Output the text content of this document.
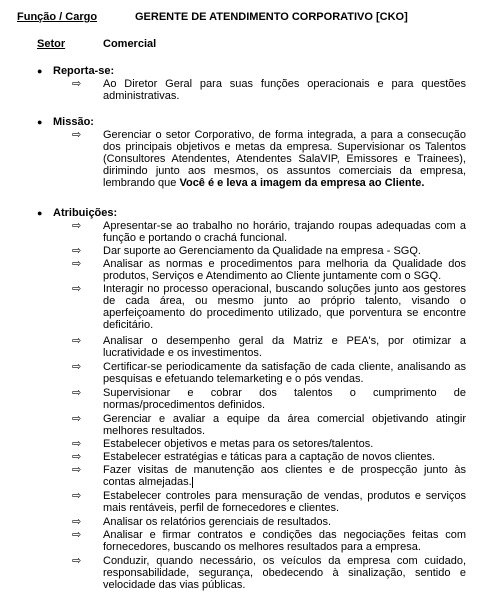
Função / Cargo	GERENTE DE ATENDIMENTO CORPORATIVO [CKO]
Setor	Comercial
● Reporta-se:
⇨ Ao Diretor Geral para suas funções operacionais e para questões administrativas.

● Missão:
⇨ Gerenciar o setor Corporativo, de forma integrada, a para a consecução dos principais objetivos e metas da empresa. Supervisionar os Talentos (Consultores Atendentes, Atendentes SalaVIP, Emissores e Trainees), dirimindo junto aos mesmos, os assuntos comerciais da empresa, lembrando que Você é e leva a imagem da empresa ao Cliente.

● Atribuições:
⇨ Apresentar-se ao trabalho no horário, trajando roupas adequadas com a função e portando o crachá funcional.

⇨ Dar suporte ao Gerenciamento da Qualidade na empresa - SGQ.

⇨ Analisar as normas e procedimentos para melhoria da Qualidade dos produtos, Serviços e Atendimento ao Cliente juntamente com o SGQ.

⇨ Interagir no processo operacional, buscando soluções junto aos gestores de cada área, ou mesmo junto ao próprio talento, visando o aperfeiçoamento do procedimento utilizado, que porventura se encontre deficitário.

⇨ Analisar o desempenho geral da Matriz e PEA's, por otimizar a lucratividade e os investimentos.

⇨ Certificar-se periodicamente da satisfação de cada cliente, analisando as pesquisas e efetuando telemarketing e o pós vendas.

⇨ Supervisionar e cobrar dos talentos o cumprimento de normas/procedimentos definidos.

⇨ Gerenciar e avaliar a equipe da área comercial objetivando atingir melhores resultados.

⇨ Estabelecer objetivos e metas para os setores/talentos.

⇨ Estabelecer estratégias e táticas para a captação de novos clientes.

⇨ Fazer visitas de manutenção aos clientes e de prospecção junto às contas almejadas.

⇨ Estabelecer controles para mensuração de vendas, produtos e serviços mais rentáveis, perfil de fornecedores e clientes.

⇨ Analisar os relatórios gerenciais de resultados.

⇨ Analisar e firmar contratos e condições das negociações feitas com fornecedores, buscando os melhores resultados para a empresa.

⇨ Conduzir, quando necessário, os veículos da empresa com cuidado, responsabilidade, segurança, obedecendo à sinalização, sentido e velocidade das vias públicas.
